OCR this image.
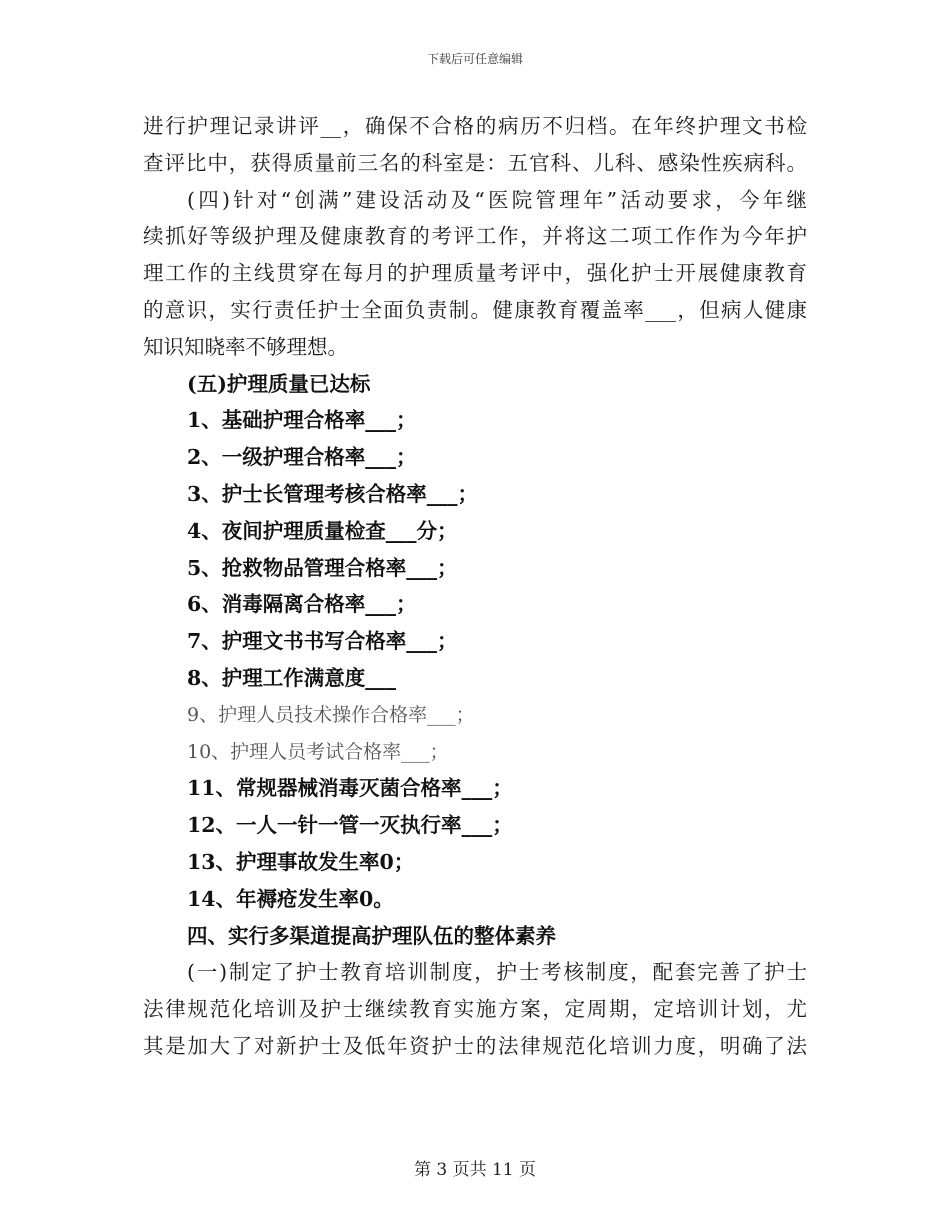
下载后可任意编辑
进行护理记录讲评__，确保不合格的病历不归档。在年终护理文书检
查评比中，获得质量前三名的科室是：五官科、儿科、感染性疾病科。
(四)针对“创满”建设活动及“医院管理年”活动要求，今年继
续抓好等级护理及健康教育的考评工作，并将这二项工作作为今年护
理工作的主线贯穿在每月的护理质量考评中，强化护士开展健康教育
的意识，实行责任护士全面负责制。健康教育覆盖率___，但病人健康
知识知晓率不够理想。
(五)护理质量已达标
1、基础护理合格率___；
2、一级护理合格率___；
3、护士长管理考核合格率___；
4、夜间护理质量检查___分；
5、抢救物品管理合格率___；
6、消毒隔离合格率___；
7、护理文书书写合格率___；
8、护理工作满意度___
9、护理人员技术操作合格率___；
10、护理人员考试合格率___；
11、常规器械消毒灭菌合格率___；
12、一人一针一管一灭执行率___；
13、护理事故发生率0；
14、年褥疮发生率0。
四、实行多渠道提高护理队伍的整体素养
(一)制定了护士教育培训制度，护士考核制度，配套完善了护士
法律规范化培训及护士继续教育实施方案，定周期，定培训计划，尤
其是加大了对新护士及低年资护士的法律规范化培训力度，明确了法
第 3 页共 11 页
